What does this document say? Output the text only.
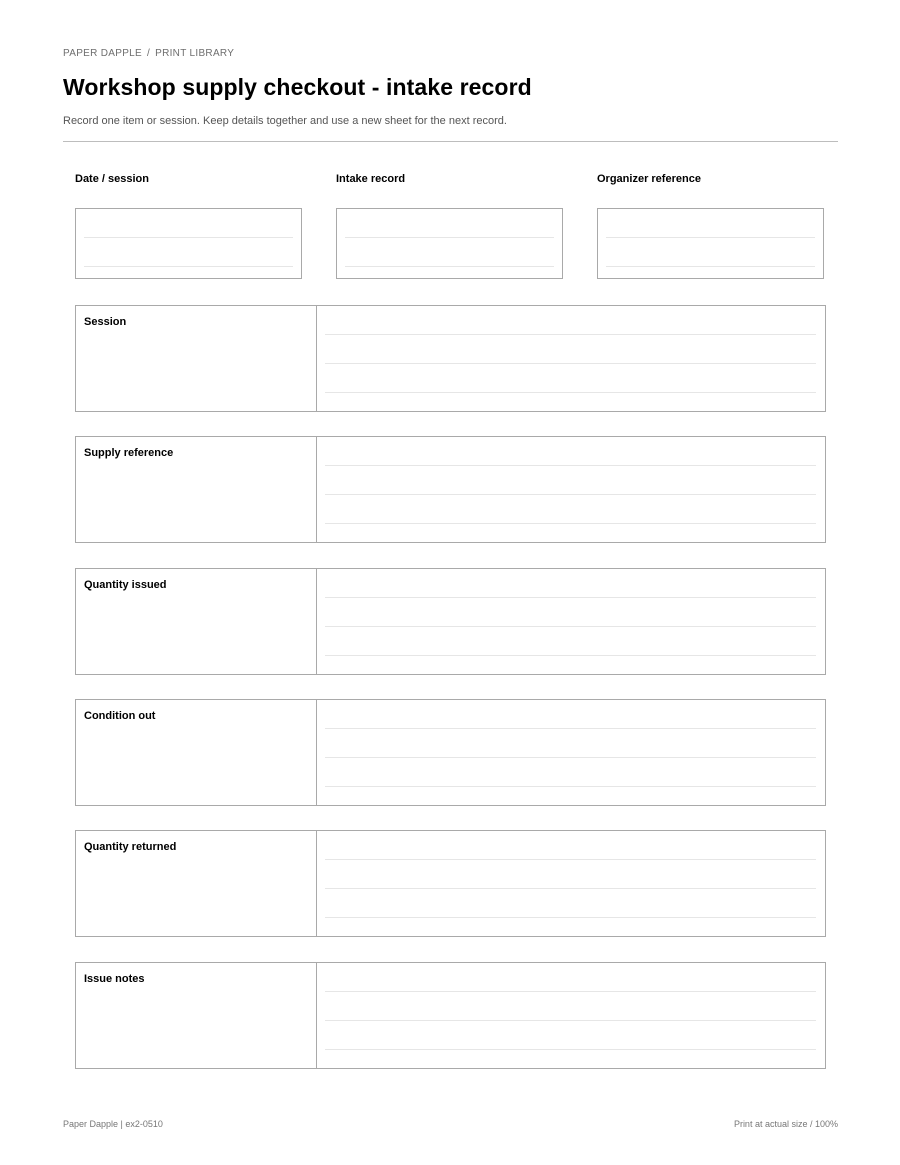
PAPER DAPPLE / PRINT LIBRARY
Workshop supply checkout - intake record
Record one item or session. Keep details together and use a new sheet for the next record.
Date / session	Intake record	Organizer reference
Session
Supply reference
Quantity issued
Condition out
Quantity returned
Issue notes
Paper Dapple | ex2-0510	Print at actual size / 100%
